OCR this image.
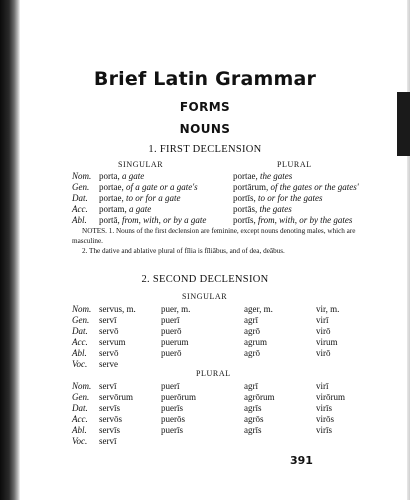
Brief Latin Grammar
FORMS
NOUNS
1. FIRST DECLENSION
SINGULAR	PLURAL
Nom. porta, a gate	portae, the gates
Gen. portae, of a gate or a gate's	portārum, of the gates or the gates'
Dat. portae, to or for a gate	portīs, to or for the gates
Acc. portam, a gate	portās, the gates
Abl. portā, from, with, or by a gate	portīs, from, with, or by the gates
NOTES. 1. Nouns of the first declension are feminine, except nouns denoting males, which are masculine.
2. The dative and ablative plural of fīlia is fīliābus, and of dea, deābus.
2. SECOND DECLENSION
SINGULAR
Nom. servus, m.	puer, m.	ager, m.	vir, m.
Gen. servī	puerī	agrī	virī
Dat. servō	puerō	agrō	virō
Acc. servum	puerum	agrum	virum
Abl. servō	puerō	agrō	virō
Voc. serve
PLURAL
Nom. servī	puerī	agrī	virī
Gen. servōrum	puerōrum	agrōrum	virōrum
Dat. servīs	puerīs	agrīs	virīs
Acc. servōs	puerōs	agrōs	virōs
Abl. servīs	puerīs	agrīs	virīs
Voc. servī
391
